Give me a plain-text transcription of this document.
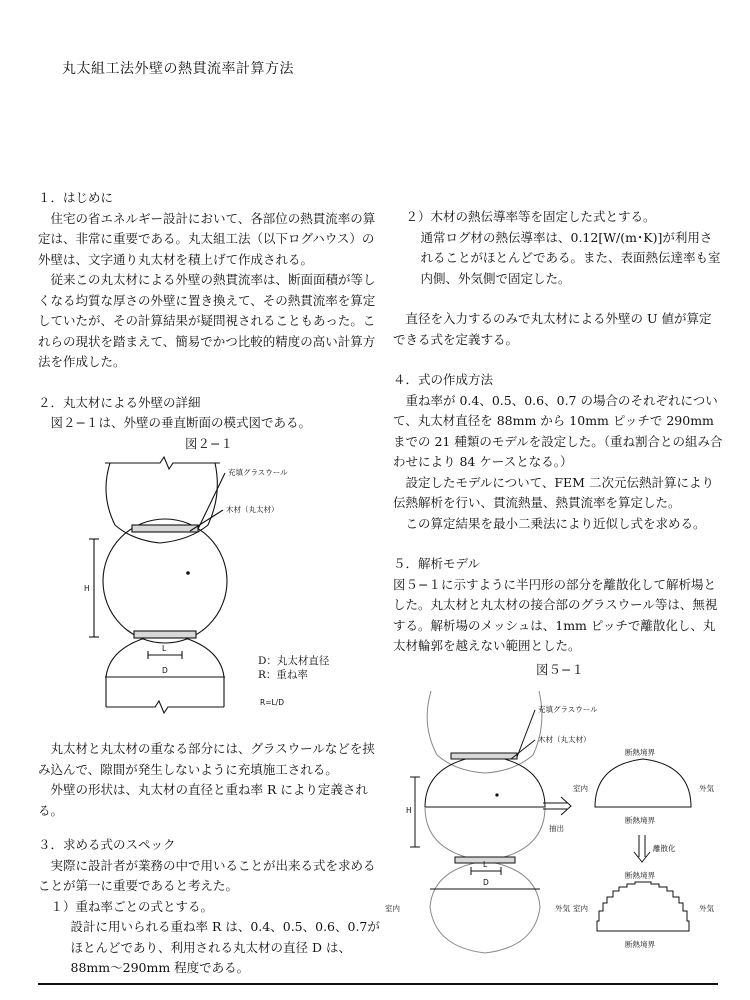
丸太組工法外壁の熱貫流率計算方法

１．はじめに

住宅の省エネルギー設計において、各部位の熱貫流率の算定は、非常に重要である。丸太組工法（以下ログハウス）の外壁は、文字通り丸太材を積上げて作成される。

従来この丸太材による外壁の熱貫流率は、断面面積が等しくなる均質な厚さの外壁に置き換えて、その熱貫流率を算定していたが、その計算結果が疑問視されることもあった。これらの現状を踏まえて、簡易でかつ比較的精度の高い計算方法を作成した。

２．丸太材による外壁の詳細

図２−１は、外壁の垂直断面の模式図である。

図２−１

充填グラスウール
木材（丸太材）
H
L
D
D：丸太材直径
R：重ね率
R=L/D

丸太材と丸太材の重なる部分には、グラスウールなどを挟み込んで、隙間が発生しないように充填施工される。

外壁の形状は、丸太材の直径と重ね率 R により定義される。

３．求める式のスペック

実際に設計者が業務の中で用いることが出来る式を求めることが第一に重要であると考えた。

１）重ね率ごとの式とする。

設計に用いられる重ね率 R は、0.4、0.5、0.6、0.7がほとんどであり、利用される丸太材の直径 D は、88mm〜290mm 程度である。

２）木材の熱伝導率等を固定した式とする。

通常ログ材の熱伝導率は、0.12[W/(m･K)]が利用されることがほとんどである。また、表面熱伝達率も室内側、外気側で固定した。

直径を入力するのみで丸太材による外壁の U 値が算定できる式を定義する。

４．式の作成方法

重ね率が 0.4、0.5、0.6、0.7 の場合のそれぞれについて、丸太材直径を 88mm から 10mm ピッチで 290mm までの 21 種類のモデルを設定した。（重ね割合との組み合わせにより 84 ケースとなる。）

設定したモデルについて、FEM 二次元伝熱計算により伝熱解析を行い、貫流熱量、熱貫流率を算定した。

この算定結果を最小二乗法により近似し式を求める。

５．解析モデル

図５−１に示すように半円形の部分を離散化して解析場とした。丸太材と丸太材の接合部のグラスウール等は、無視する。解析場のメッシュは、1mm ピッチで離散化し、丸太材輪郭を越えない範囲とした。

図５−１
充填グラスウール
木材（丸太材）
H
L
D
抽出
離散化
断熱境界
断熱境界
断熱境界
断熱境界
室内	外気
室内	外気
室内	外気
